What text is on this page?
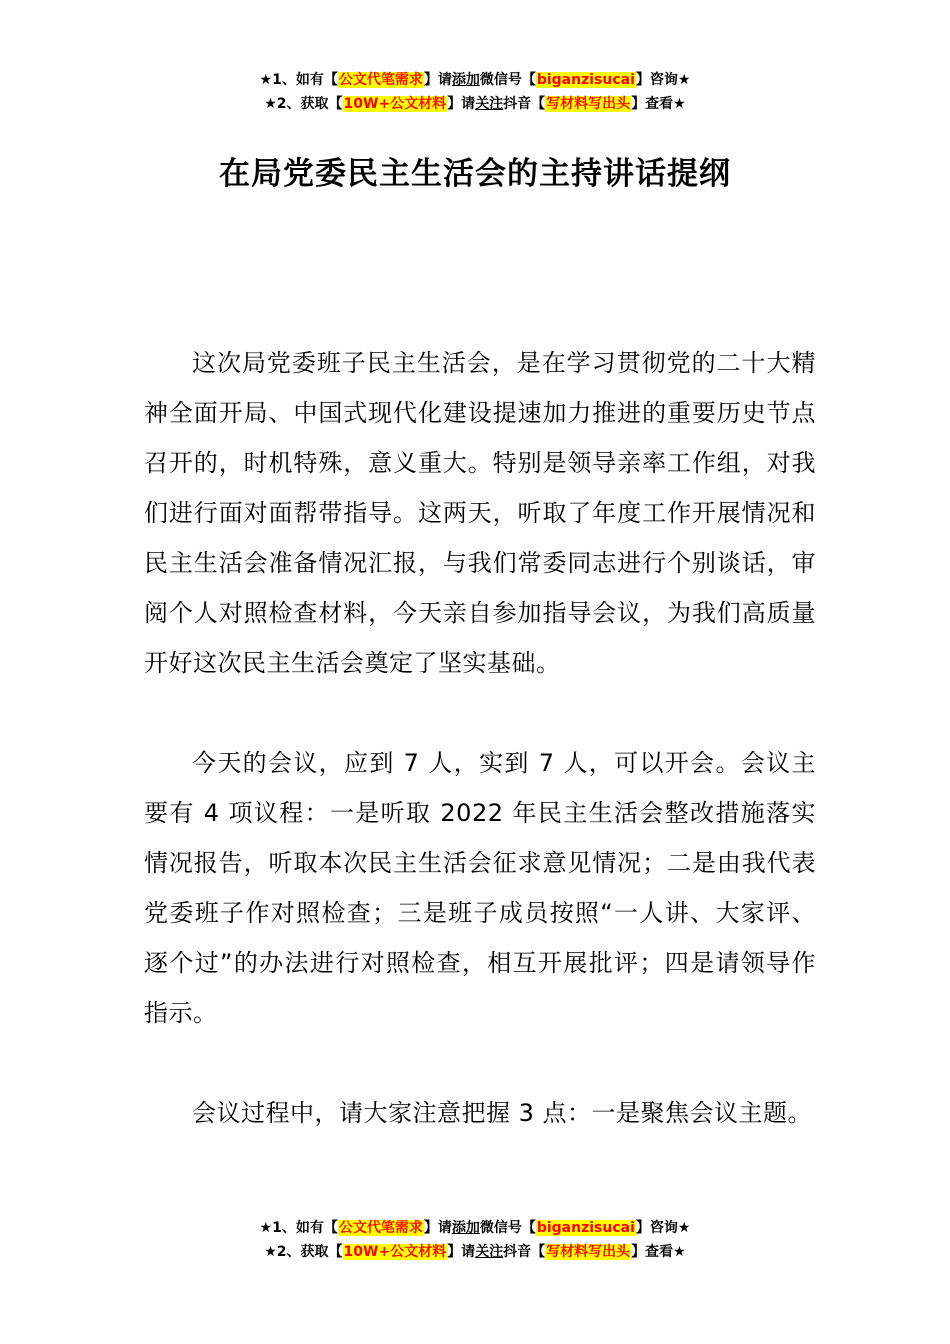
★1、如有【公文代笔需求】请添加微信号【biganzisucai】咨询★
★2、获取【10W+公文材料】请关注抖音【写材料写出头】查看★
在局党委民主生活会的主持讲话提纲

这次局党委班子民主生活会，是在学习贯彻党的二十大精神全面开局、中国式现代化建设提速加力推进的重要历史节点召开的，时机特殊，意义重大。特别是领导亲率工作组，对我们进行面对面帮带指导。这两天，听取了年度工作开展情况和民主生活会准备情况汇报，与我们常委同志进行个别谈话，审阅个人对照检查材料，今天亲自参加指导会议，为我们高质量开好这次民主生活会奠定了坚实基础。

今天的会议，应到 7 人，实到 7 人，可以开会。会议主要有 4 项议程：一是听取 2022 年民主生活会整改措施落实情况报告，听取本次民主生活会征求意见情况；二是由我代表党委班子作对照检查；三是班子成员按照“一人讲、大家评、逐个过”的办法进行对照检查，相互开展批评；四是请领导作指示。

会议过程中，请大家注意把握 3 点：一是聚焦会议主题。

★1、如有【公文代笔需求】请添加微信号【biganzisucai】咨询★
★2、获取【10W+公文材料】请关注抖音【写材料写出头】查看★
